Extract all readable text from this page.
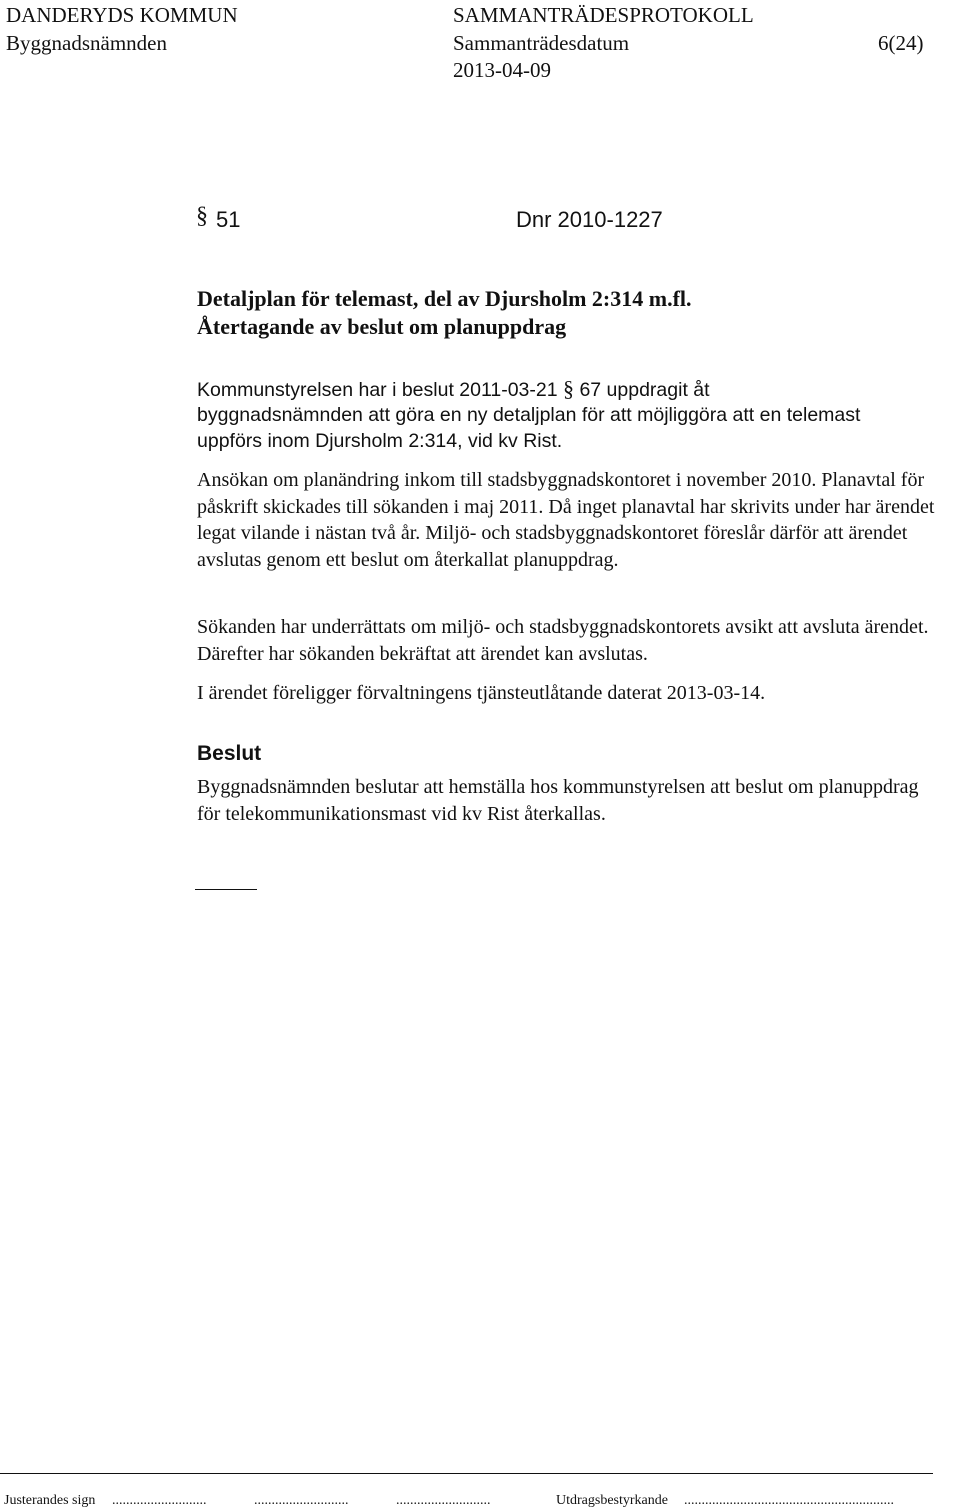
DANDERYDS KOMMUN
Byggnadsnämnden
SAMMANTRÄDESPROTOKOLL
Sammanträdesdatum
2013-04-09
6(24)
§ 51	Dnr 2010-1227
Detaljplan för telemast, del av Djursholm 2:314 m.fl.
Återtagande av beslut om planuppdrag
Kommunstyrelsen har i beslut 2011-03-21 § 67 uppdragit åt
byggnadsnämnden att göra en ny detaljplan för att möjliggöra att en telemast
uppförs inom Djursholm 2:314, vid kv Rist.

Ansökan om planändring inkom till stadsbyggnadskontoret i november 2010. Planavtal för påskrift skickades till sökanden i maj 2011. Då inget planavtal har skrivits under har ärendet legat vilande i nästan två år. Miljö- och stadsbyggnadskontoret föreslår därför att ärendet avslutas genom ett beslut om återkallat planuppdrag.

Sökanden har underrättats om miljö- och stadsbyggnadskontorets avsikt att avsluta ärendet. Därefter har sökanden bekräftat att ärendet kan avslutas.

I ärendet föreligger förvaltningens tjänsteutlåtande daterat 2013-03-14.

Beslut

Byggnadsnämnden beslutar att hemställa hos kommunstyrelsen att beslut om planuppdrag för telekommunikationsmast vid kv Rist återkallas.

Justerandes sign ...........................	...........................	...........................	Utdragsbestyrkande ............................................................
